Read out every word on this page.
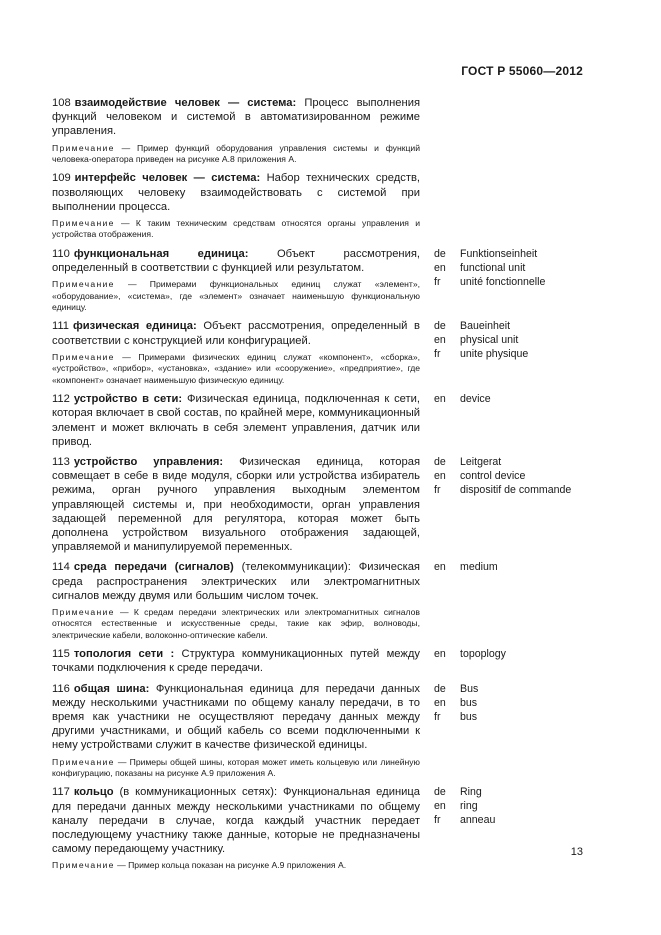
ГОСТ Р 55060—2012

108 взаимодействие человек — система: Процесс выполнения функций человеком и системой в автоматизированном режиме управления.

Примечание — Пример функций оборудования управления системы и функций человека-оператора приведен на рисунке А.8 приложения А.

109 интерфейс человек — система: Набор технических средств, позволяющих человеку взаимодействовать с системой при выполнении процесса.

Примечание — К таким техническим средствам относятся органы управления и устройства отображения.

110 функциональная единица:	Объект рассмотрения, определенный в соответствии с функцией или результатом.

Примечание — Примерами функциональных единиц служат «элемент», «оборудование», «система», где «элемент» означает наименьшую функциональную единицу.

de	Funktionseinheit
en	functional unit
fr	unité fonctionnelle

111 физическая единица: Объект рассмотрения, определенный в соответствии с конструкцией или конфигурацией.

Примечание — Примерами физических единиц служат «компонент», «сборка», «устройство», «прибор», «установка», «здание» или «сооружение», «предприятие», где «компонент» означает наименьшую физическую единицу.

de	Baueinheit
en	physical unit
fr	unite physique

112 устройство в сети: Физическая единица, подключенная к сети, которая включает в свой состав, по крайней мере, коммуникационный элемент и может включать в себя элемент управления, датчик или привод.

en	device

113 устройство управления: Физическая единица, которая совмещает в себе в виде модуля, сборки или устройства избиратель режима, орган ручного управления выходным элементом управляющей системы и, при необходимости, орган управления задающей переменной для регулятора, которая может быть дополнена устройством визуального отображения задающей, управляемой и манипулируемой переменных.

de	Leitgerat
en	control device
fr	dispositif de commande

114 среда передачи (сигналов) (телекоммуникации): Физическая среда распространения электрических или электромагнитных сигналов между двумя или большим числом точек.

Примечание — К средам передачи электрических или электромагнитных сигналов относятся естественные и искусственные среды, такие как эфир, волноводы, электрические кабели, волоконно-оптические кабели.

en	medium

115 топология сети : Структура коммуникационных путей между точками подключения к среде передачи.

en	topoplogy

116 общая шина: Функциональная единица для передачи данных между несколькими участниками по общему каналу передачи, в то время как участники не осуществляют передачу данных между другими участниками, и общий кабель со всеми подключенными к нему устройствами служит в качестве физической единицы.

Примечание — Примеры общей шины, которая может иметь кольцевую или линейную конфигурацию, показаны на рисунке А.9 приложения А.

de	Bus
en	bus
fr	bus

117 кольцо (в коммуникационных сетях): Функциональная единица для передачи данных между несколькими участниками по общему каналу передачи в случае, когда каждый участник передает последующему участнику также данные, которые не предназначены самому передающему участнику.

Примечание — Пример кольца показан на рисунке А.9 приложения А.

de	Ring
en	ring
fr	anneau
13
